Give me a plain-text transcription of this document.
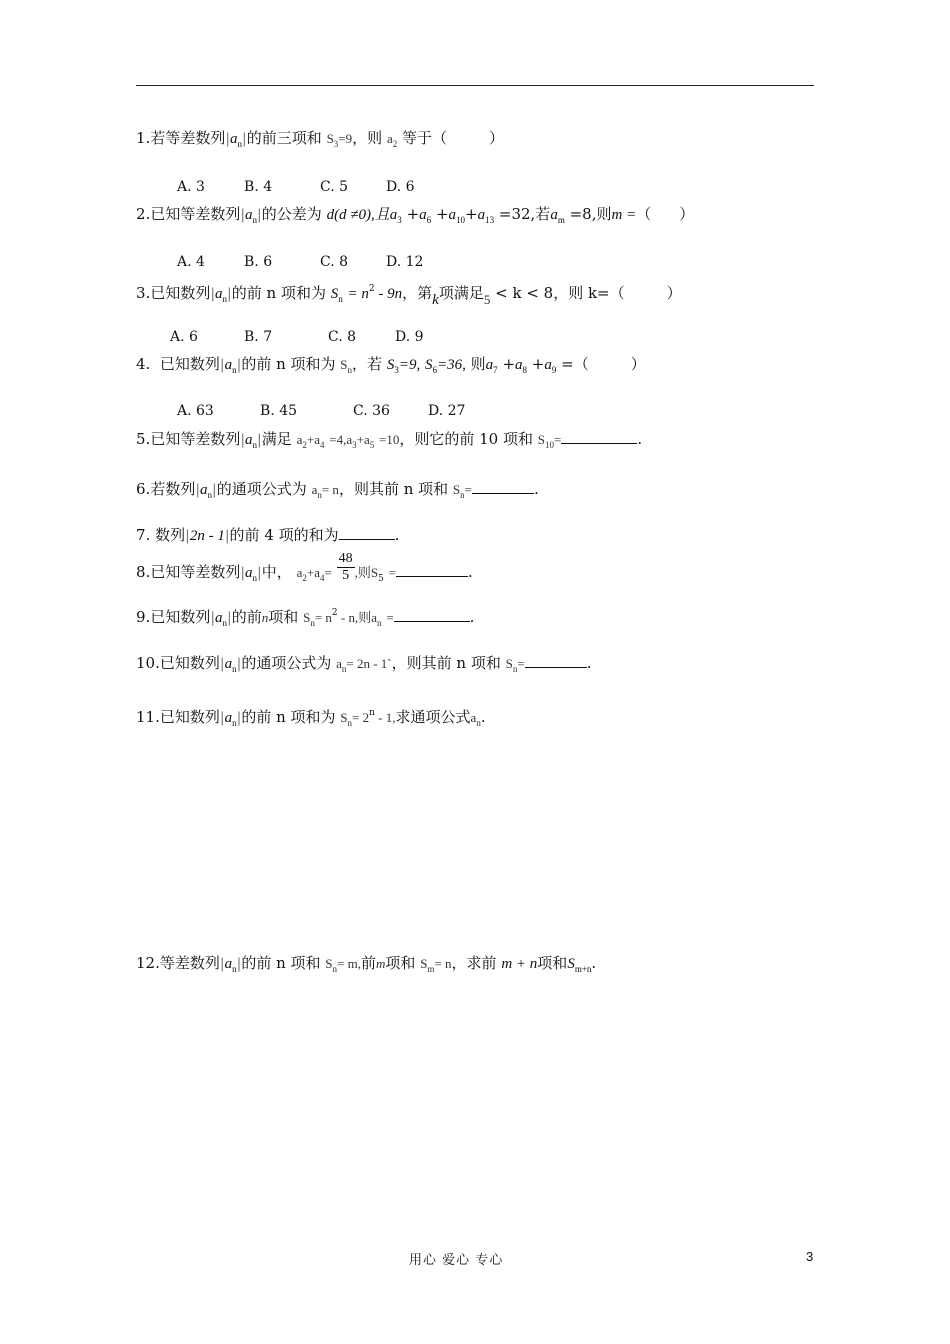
1.若等差数列$|a_n|$的前三项和 $S_3=9$，则 $a_2$ 等于（	）
A. 3	B. 4	C. 5	D. 6
2.已知等差数列$|a_n|$的公差为 d(d ≠0),且$a_3 +a_6 +a_{10}+a_{13} =32$,若$a_m =8$,则m =（ ）
A. 4	B. 6	C. 8	D. 12
3.已知数列$|a_n|$的前 n 项和为 $S_n = n^2 - 9n$，第k项满足5 < k < 8，则 k=（	）
A. 6	B. 7	C. 8	D. 9
4. 已知数列$|a_n|$的前 n 项和为 $S_n$，若 $S_3=9$, $S_6=36$, 则$a_7 +a_8 +a_9$ =（	）
A. 63	B. 45	C. 36	D. 27
5.已知等差数列$|a_n|$满足 $a_2+a_4 =4,a_3+a_5 =10$，则它的前 10 项和 $S_{10}=$	.
6.若数列$|a_n|$的通项公式为 $a_n= n$，则其前 n 项和 $S_n=$	.
7. 数列|2n - 1|的前 4 项的和为	.
8.已知等差数列$|a_n|$中， $a_2+a_4= \frac{48}{5}$ ,则$S_5$ =	.
9.已知数列$|a_n|$的前n项和 $S_n= n^2 - n$,则$a_n$ =	.
10.已知数列$|a_n|$的通项公式为 $a_n= 2n$ - 1`，则其前 n 项和 $S_n=$	.
11.已知数列$|a_n|$的前 n 项和为 $S_n= 2^n - 1$,求通项公式$a_n$.
12.等差数列$|a_n|$的前 n 项和 $S_n= m$,前m项和 $S_m= n$，求前 m + n项和$S_{m+n}$.
用心 爱心 专心	3
